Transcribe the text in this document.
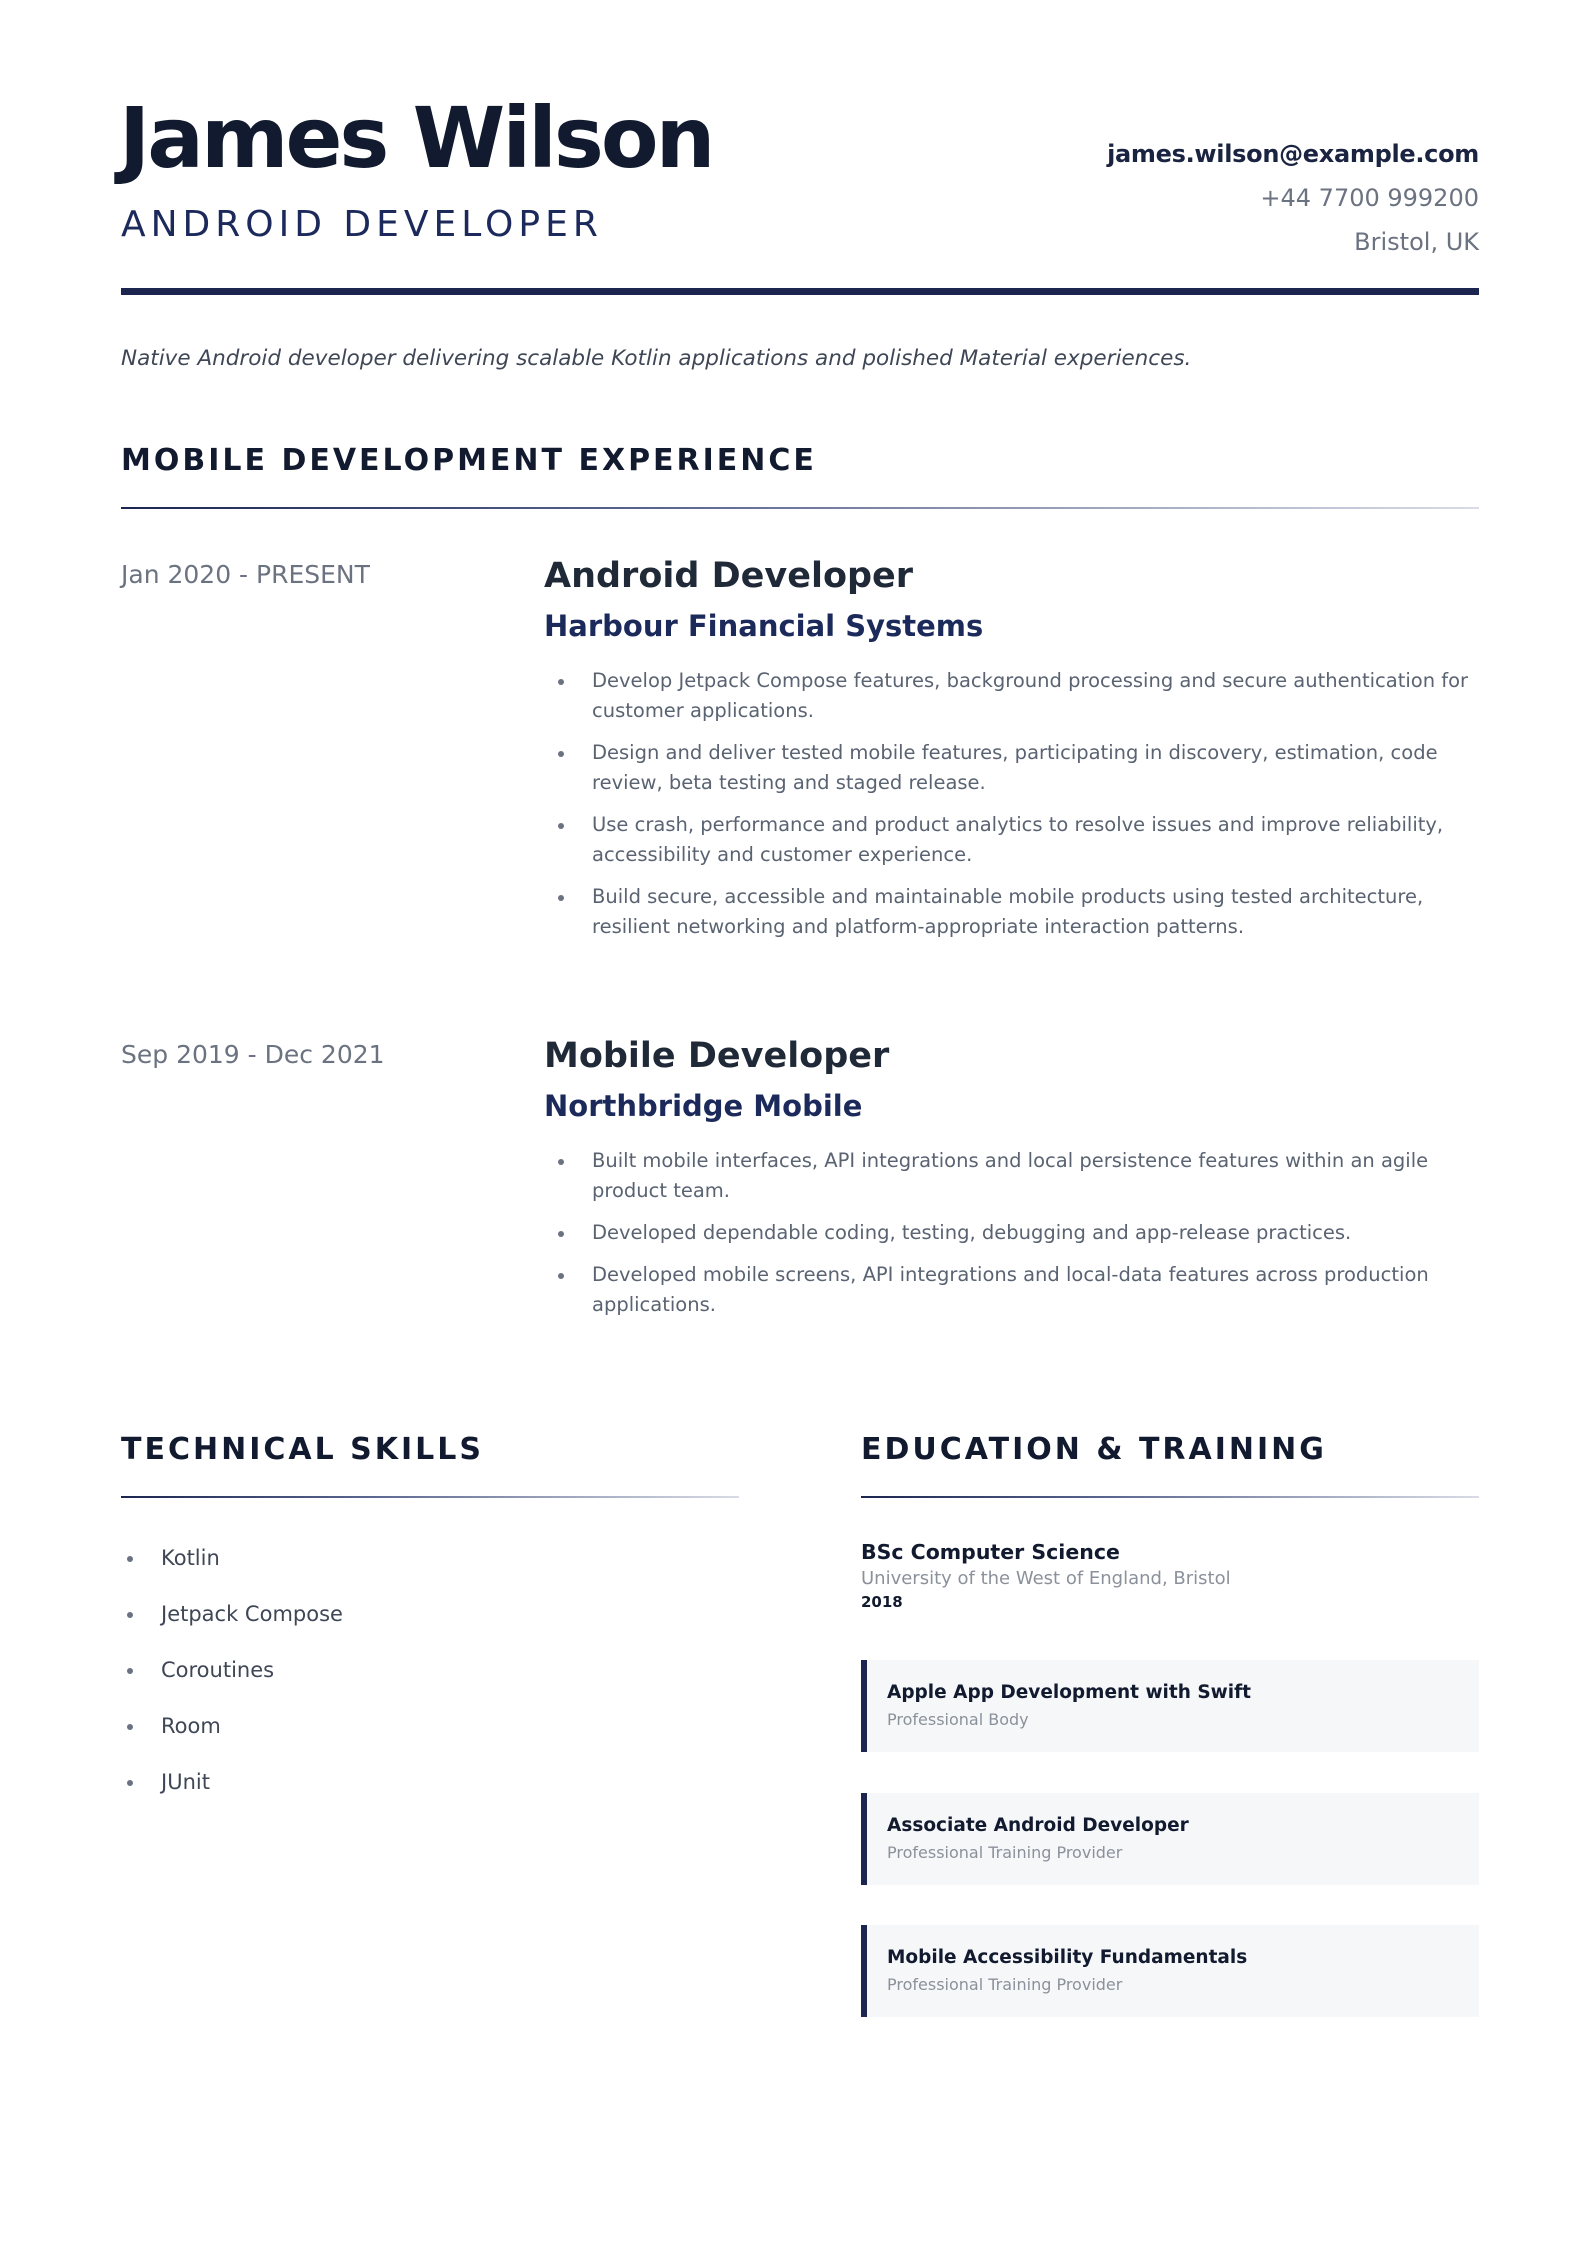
James Wilson
ANDROID DEVELOPER
james.wilson@example.com
+44 7700 999200
Bristol, UK
Native Android developer delivering scalable Kotlin applications and polished Material experiences.
MOBILE DEVELOPMENT EXPERIENCE
Jan 2020 - PRESENT	Android Developer
Harbour Financial Systems
Develop Jetpack Compose features, background processing and secure authentication for customer applications.
Design and deliver tested mobile features, participating in discovery, estimation, code review, beta testing and staged release.
Use crash, performance and product analytics to resolve issues and improve reliability, accessibility and customer experience.
Build secure, accessible and maintainable mobile products using tested architecture, resilient networking and platform-appropriate interaction patterns.
Sep 2019 - Dec 2021	Mobile Developer
Northbridge Mobile
Built mobile interfaces, API integrations and local persistence features within an agile product team.
Developed dependable coding, testing, debugging and app-release practices.
Developed mobile screens, API integrations and local-data features across production applications.
TECHNICAL SKILLS
Kotlin
Jetpack Compose
Coroutines
Room
JUnit
EDUCATION & TRAINING
BSc Computer Science
University of the West of England, Bristol
2018
Apple App Development with Swift
Professional Body
Associate Android Developer
Professional Training Provider
Mobile Accessibility Fundamentals
Professional Training Provider
